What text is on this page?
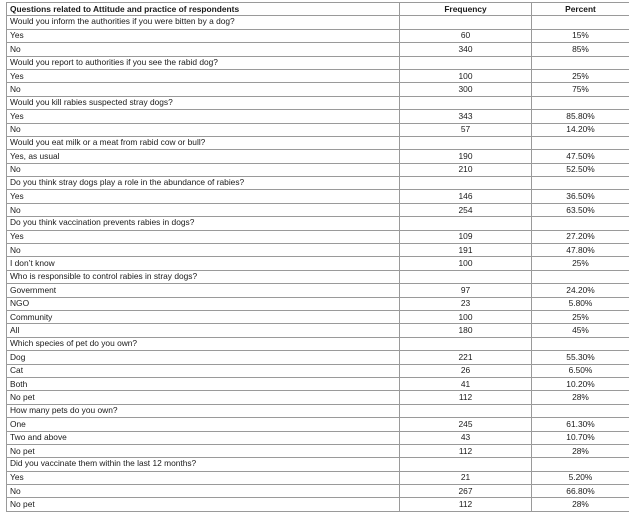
Questions related to Attitude and practice of respondents	Frequency	Percent
Would you inform the authorities if you were bitten by a dog?		
Yes	60	15%
No	340	85%
Would you report to authorities if you see the rabid dog?		
Yes	100	25%
No	300	75%
Would you kill rabies suspected stray dogs?		
Yes	343	85.80%
No	57	14.20%
Would you eat milk or a meat from rabid cow or bull?		
Yes, as usual	190	47.50%
No	210	52.50%
Do you think stray dogs play a role in the abundance of rabies?		
Yes	146	36.50%
No	254	63.50%
Do you think vaccination prevents rabies in dogs?		
Yes	109	27.20%
No	191	47.80%
I don’t know	100	25%
Who is responsible to control rabies in stray dogs?		
Government	97	24.20%
NGO	23	5.80%
Community	100	25%
All	180	45%
Which species of pet do you own?		
Dog	221	55.30%
Cat	26	6.50%
Both	41	10.20%
No pet	112	28%
How many pets do you own?		
One	245	61.30%
Two and above	43	10.70%
No pet	112	28%
Did you vaccinate them within the last 12 months?		
Yes	21	5.20%
No	267	66.80%
No pet	112	28%
